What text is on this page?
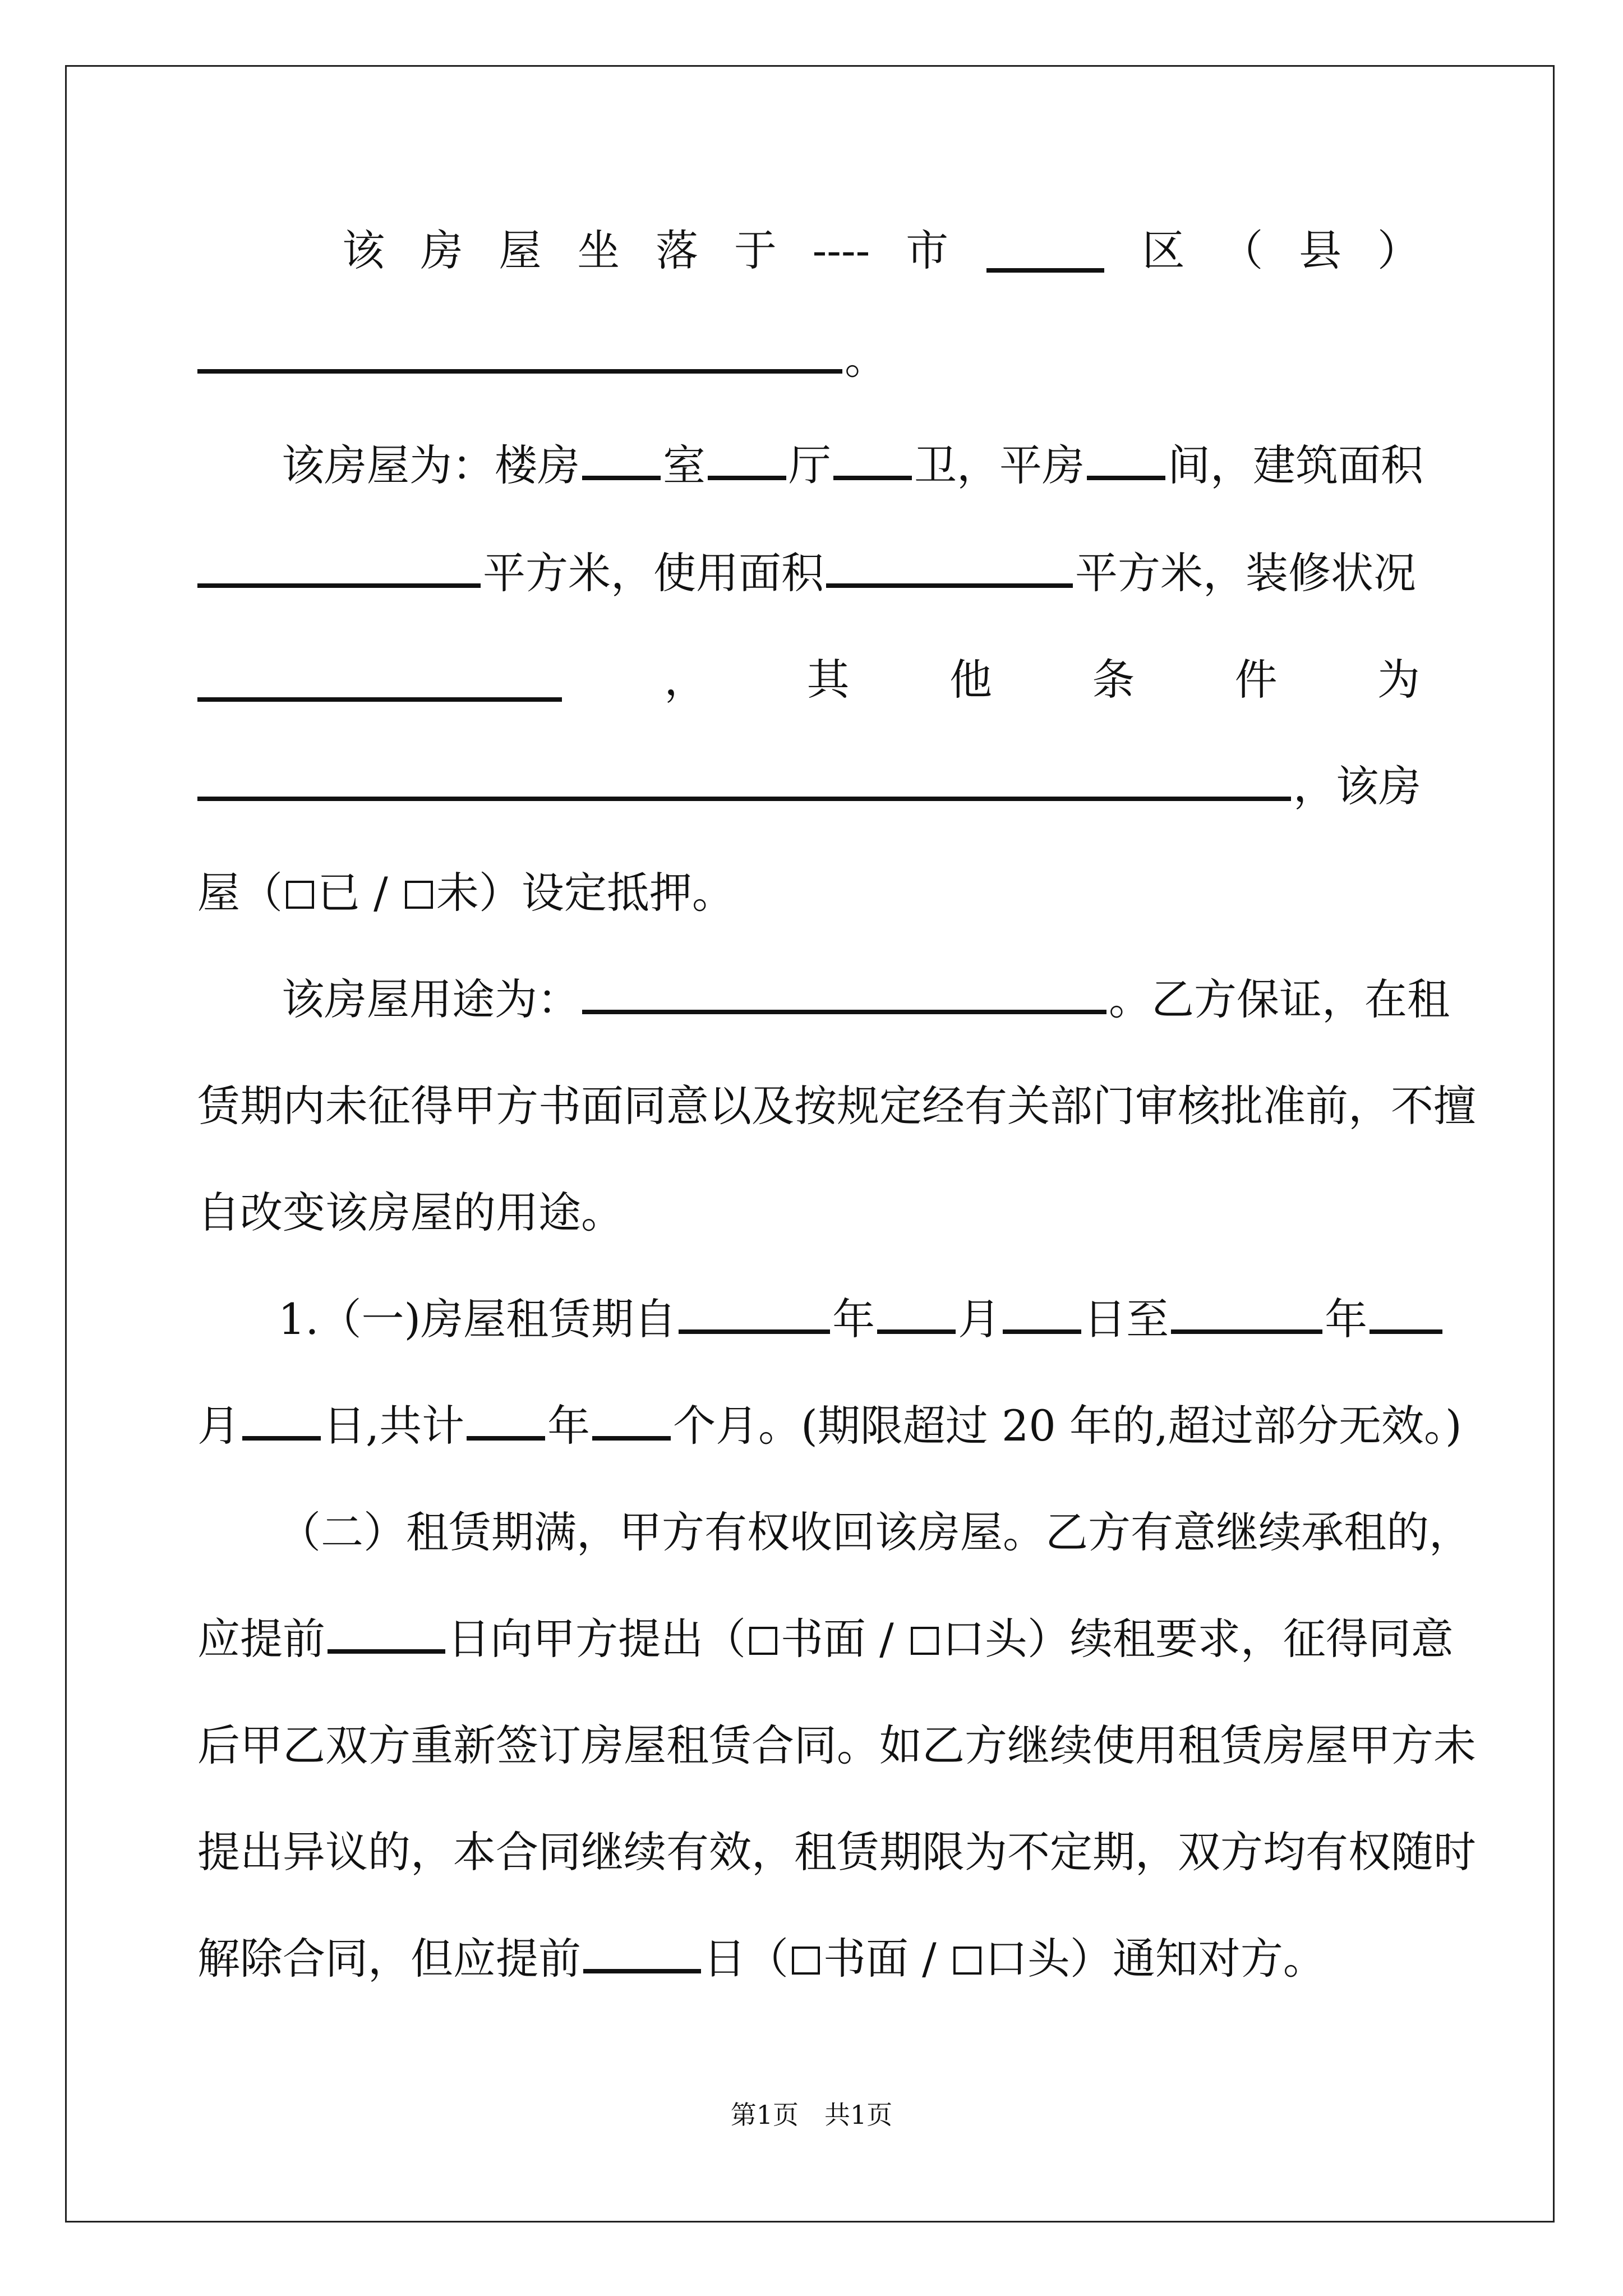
该 房 屋 坐 落 于 ---- 市	区 （ 县 ）
。
该房屋为：楼房 室 厅 卫，平房 间，建筑面积
平方米，使用面积	平方米，装修状况
， 其 他 条 件 为
，该房
屋（ 已 / 未）设定抵押。
该房屋用途为：	。乙方保证，在租
赁期内未征得甲方书面同意以及按规定经有关部门审核批准前，不擅
自改变该房屋的用途。
1.（一)房屋租赁期自	年 月 日至	年
月 日,共计 年 个月。(期限超过 20 年的,超过部分无效。)
（二）租赁期满，甲方有权收回该房屋。乙方有意继续承租的，
应提前	日向甲方提出（ 书面 / 口头）续租要求，征得同意
后甲乙双方重新签订房屋租赁合同。如乙方继续使用租赁房屋甲方未
提出异议的，本合同继续有效，租赁期限为不定期，双方均有权随时
解除合同，但应提前	日（ 书面 / 口头）通知对方。
第1页　共1页
